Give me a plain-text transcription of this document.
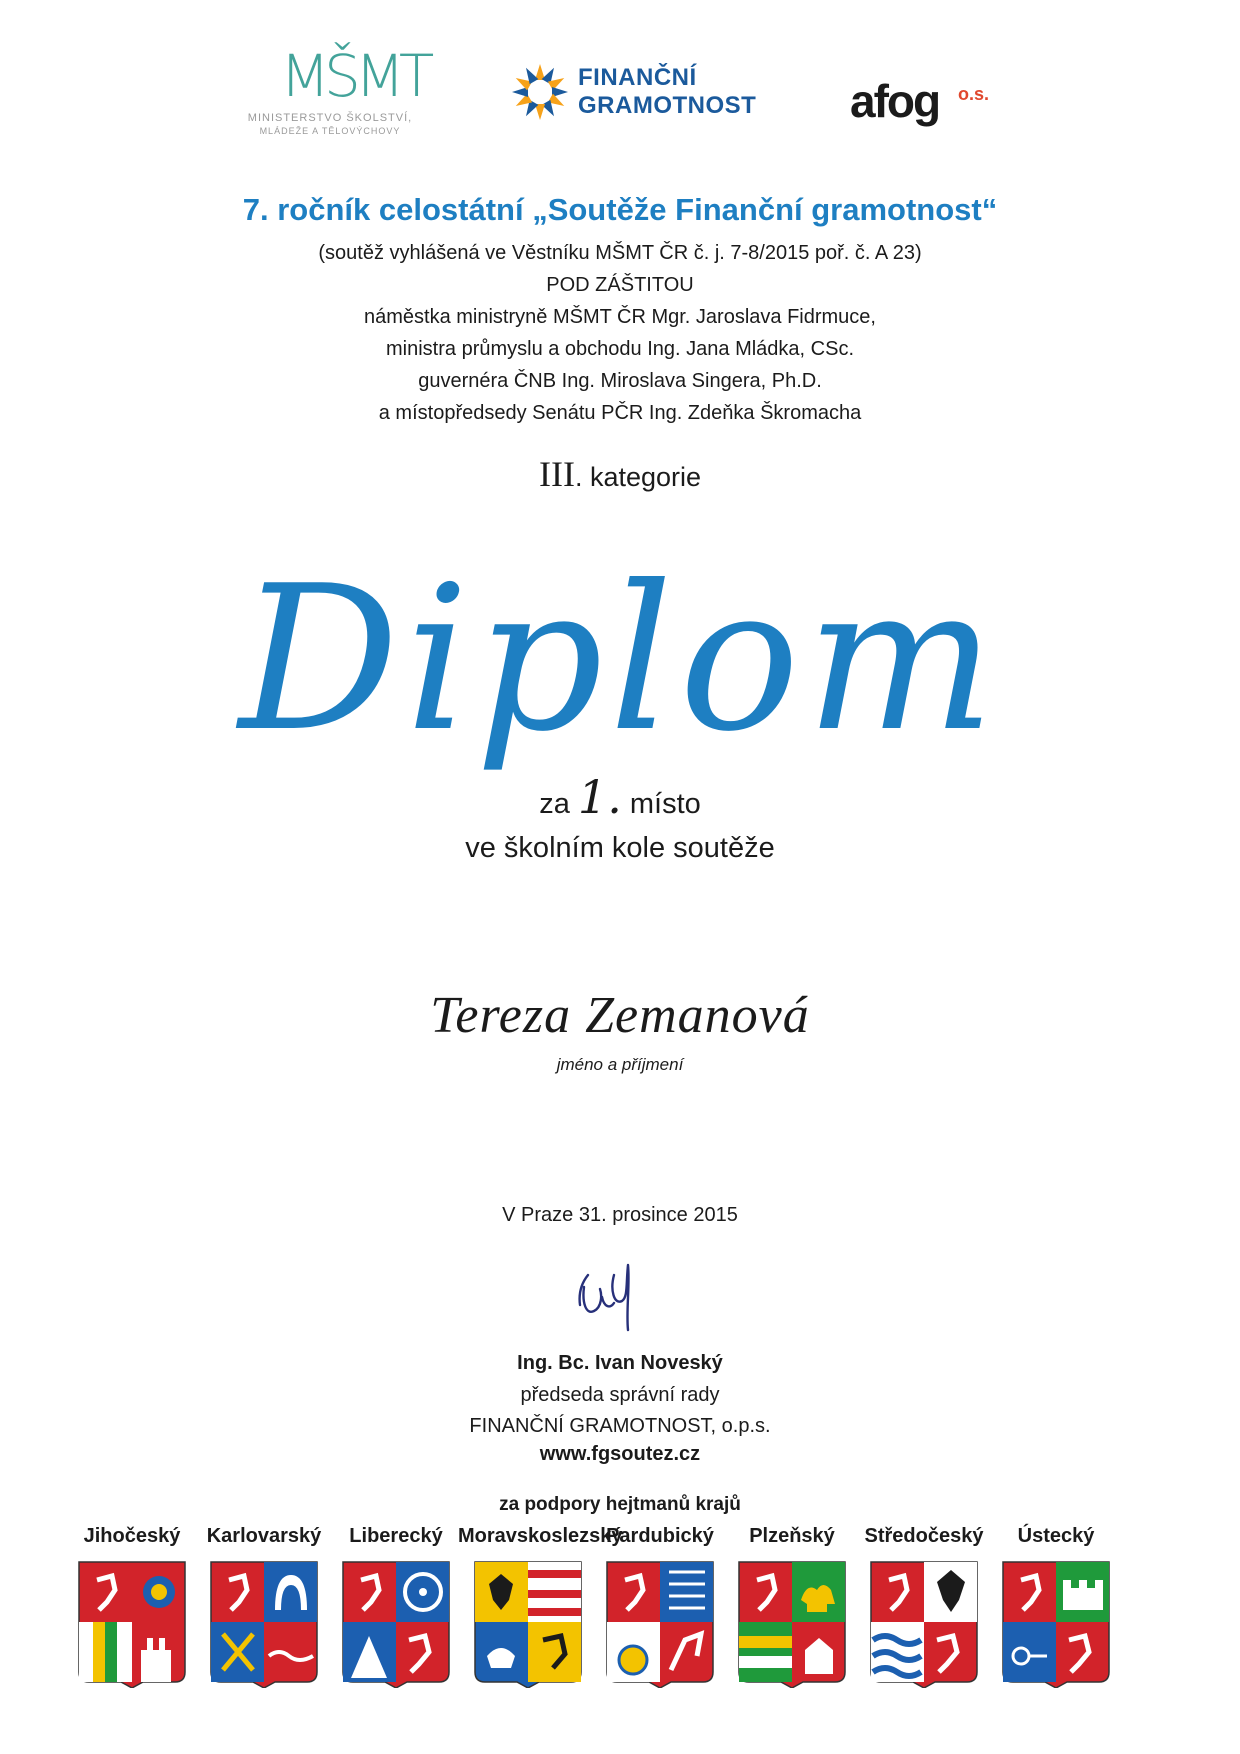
MŠMT
MINISTERSTVO ŠKOLSTVÍ,
MLÁDEŽE A TĚLOVÝCHOVY
FINANČNÍ
GRAMOTNOST afog o.s.
7. ročník celostátní „Soutěže Finanční gramotnost“
(soutěž vyhlášená ve Věstníku MŠMT ČR č. j. 7-8/2015 poř. č. A 23)
POD ZÁŠTITOU
náměstka ministryně MŠMT ČR Mgr. Jaroslava Fidrmuce,
ministra průmyslu a obchodu Ing. Jana Mládka, CSc.
guvernéra ČNB Ing. Miroslava Singera, Ph.D.
a místopředsedy Senátu PČR Ing. Zdeňka Škromacha
III. kategorie
Diplom
za 1. místo
ve školním kole soutěže
Tereza Zemanová
jméno a příjmení
V Praze 31. prosince 2015
Ing. Bc. Ivan Noveský
předseda správní rady
FINANČNÍ GRAMOTNOST, o.p.s.
www.fgsoutez.cz
za podpory hejtmanů krajů
Jihočeský	Karlovarský	Liberecký Moravskoslezský
Pardubický	Plzeňský	Středočeský	Ústecký
